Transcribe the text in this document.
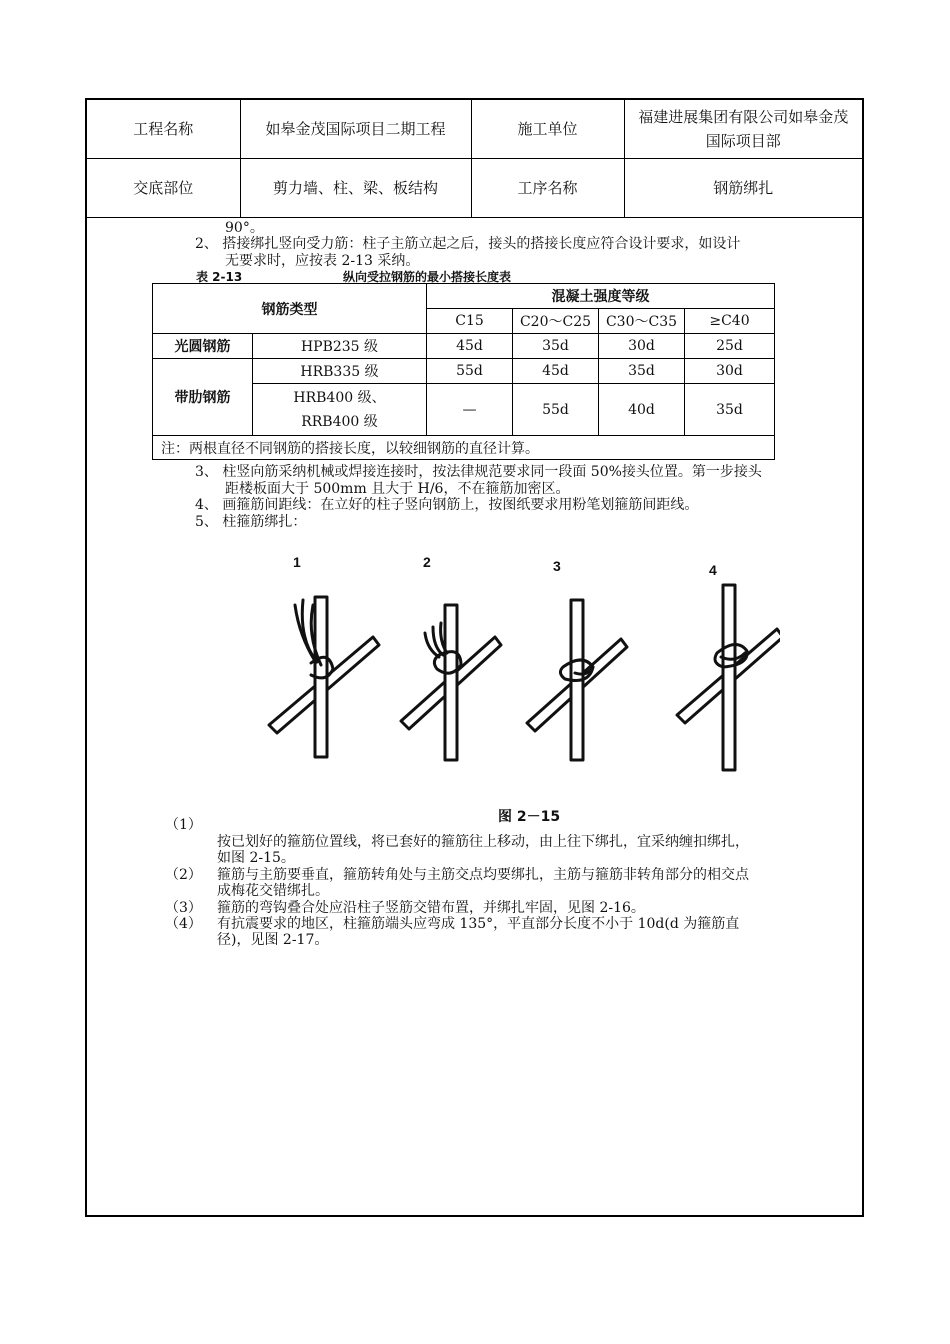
工程名称	如皋金茂国际项目二期工程	施工单位	福建进展集团有限公司如皋金茂国际项目部
交底部位	剪力墙、柱、梁、板结构	工序名称	钢筋绑扎
90°。
2、 搭接绑扎竖向受力筋：柱子主筋立起之后，接头的搭接长度应符合设计要求，如设计
无要求时，应按表 2-13 采纳。
表 2-13	纵向受拉钢筋的最小搭接长度表
钢筋类型		混凝土强度等级			
		C15	C20～C25	C30～C35	≥C40
光圆钢筋	HPB235 级	45d	35d	30d	25d
带肋钢筋	HRB335 级	55d	45d	35d	30d
	HRB400 级、RRB400 级	—	55d	40d	35d
注：两根直径不同钢筋的搭接长度，以较细钢筋的直径计算。					
3、 柱竖向筋采纳机械或焊接连接时，按法律规范要求同一段面 50%接头位置。第一步接头
距楼板面大于 500mm 且大于 H/6，不在箍筋加密区。
4、 画箍筋间距线：在立好的柱子竖向钢筋上，按图纸要求用粉笔划箍筋间距线。
5、 柱箍筋绑扎：
1	2	3	4
图 2－15
（1）
按已划好的箍筋位置线，将已套好的箍筋往上移动，由上往下绑扎，宜采纳缠扣绑扎，
如图 2-15。
（2） 箍筋与主筋要垂直，箍筋转角处与主筋交点均要绑扎，主筋与箍筋非转角部分的相交点
成梅花交错绑扎。
（3） 箍筋的弯钩叠合处应沿柱子竖筋交错布置，并绑扎牢固，见图 2-16。
（4） 有抗震要求的地区，柱箍筋端头应弯成 135°，平直部分长度不小于 10d(d 为箍筋直
径)，见图 2-17。
